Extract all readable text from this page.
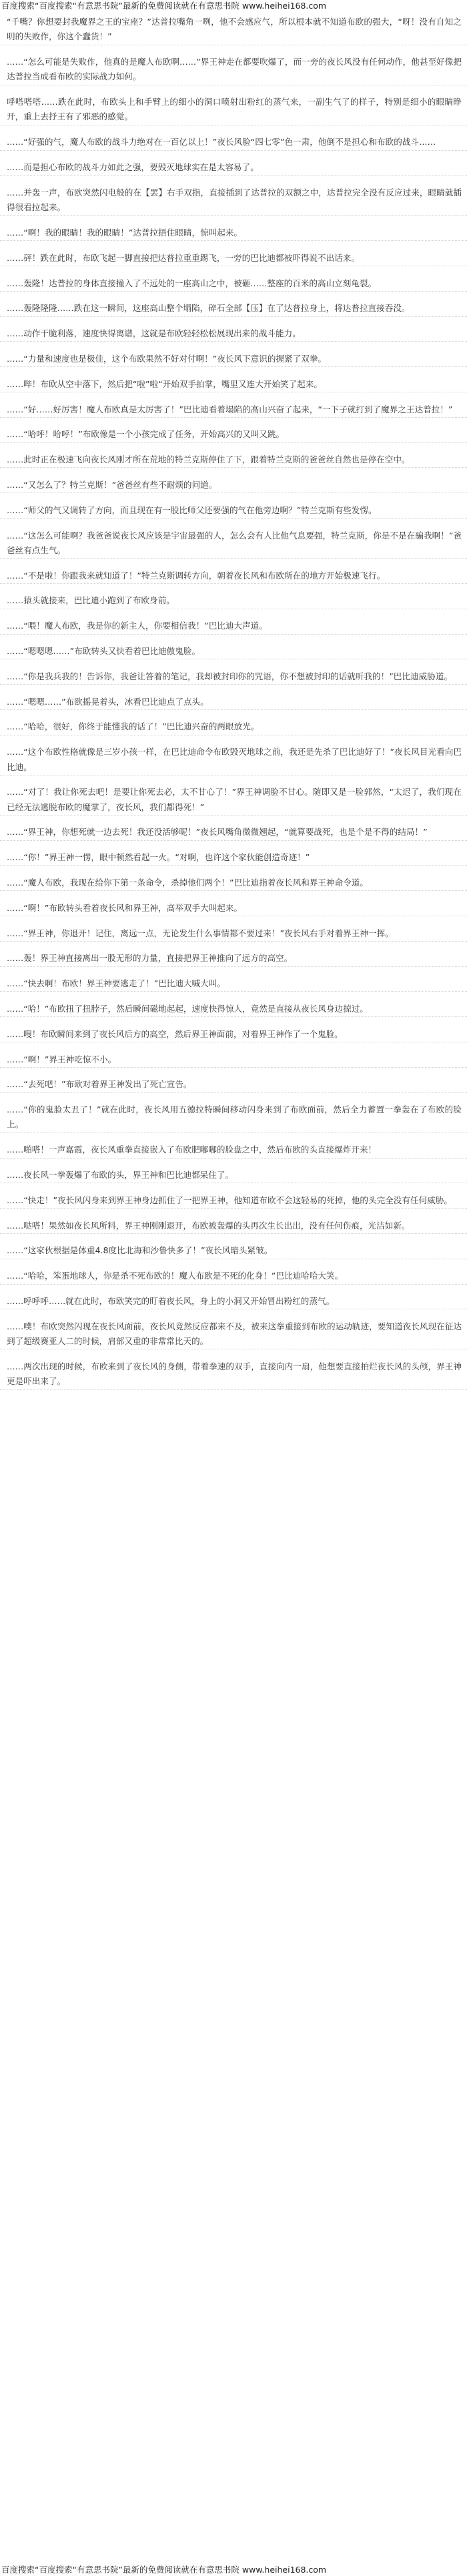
百度搜索“百度搜索“有意思书院”最新的免费阅读就在有意思书院 www.heihei168.com
“千嘴？你想要封我魔界之王的宝座？”达普拉嘴角一咧，他不会感应气，所以根本就不知道布欧的强大，“呀！没有自知之明的失败作，你这个蠢货！”
……“怎么可能是失败作，他真的是魔人布欧啊……”界王神走在都要吹爆了，而一旁的夜长风没有任何动作，他甚至好像把达普拉当成看布欧的实际战力如何。
呼嗒嗒嗒……跌在此时，布欧头上和手臂上的细小的洞口喷射出粉红的蒸气来，一副生气了的样子，特别是细小的眼睛睁开，重上去抒王有了邪恶的感觉。
……“好强的气，魔人布欧的战斗力绝对在一百亿以上！”夜长风脸“四七零”色一肃，他倒不是担心和布欧的战斗……
……而是担心布欧的战斗力如此之强，要毁灭地球实在是太容易了。
……并轰一声，布欧突然闪电般的在【罢】右手双指，直接插到了达普拉的双额之中，达普拉完全没有反应过来，眼睛就插得很看拉起来。
……“啊！我的眼睛！我的眼睛！”达普拉捂住眼睛，惊叫起来。
……砰！跌在此时，布欧飞起一脚直接把达普拉重重踢飞，一旁的巴比迪都被吓得说不出话来。
……轰隆！达普拉的身体直接撞入了不远处的一座高山之中，被砸……整座的百米的高山立刻龟裂。
……轰隆隆隆……跌在这一瞬间，这座高山整个塌陷，碎石全部【压】在了达普拉身上，将达普拉直接吞没。
……动作干脆利落，速度快得离谱，这就是布欧轻轻松松展现出来的战斗能力。
……“力量和速度也是极佳，这个布欧果然不好对付啊！”夜长风下意识的握紧了双拳。
……哔！布欧从空中落下，然后把“啦”啦“开始双手拍掌，嘴里又连大开始笑了起来。
……“好……好厉害！魔人布欧真是太厉害了！”巴比迪看着塌陷的高山兴奋了起来，“一下子就打到了魔界之王达普拉！”
……“哈呼！哈呼！”布欧像是一个小孩完成了任务，开始高兴的又叫又跳。
……此时正在极速飞向夜长风刚才所在荒地的特兰克斯停住了下，跟着特兰克斯的爸爸丝自然也是停在空中。
……“又怎么了？特兰克斯！”爸爸丝有些不耐烦的问道。
……“师父的气又调转了方向，而且现在有一股比师父还要强的气在他旁边啊？”特兰克斯有些发愣。
……“这怎么可能啊？我爸爸说夜长风应该是宇宙最强的人，怎么会有人比他气息要强，特兰克斯，你是不是在骗我啊！”爸爸丝有点生气。
……“不是啦！你跟我来就知道了！”特兰克斯调转方向，朝着夜长风和布欧所在的地方开始极速飞行。
……猿头就接来，巴比迪小跑到了布欧身前。
……“喂！魔人布欧，我是你的新主人，你要相信我！”巴比迪大声道。
……“嗯嗯嗯……”布欧转头又快看着巴比迪傲鬼脸。
……“你是我兵我的！告诉你，我爸让答着的笔记，我却被封印你的咒语，你不想被封印的话就听我的！”巴比迪威胁道。
……“嗯嗯……”布欧摇晃着头，冰看巴比迪点了点头。
……“哈哈，很好，你终于能懂我的话了！”巴比迪兴奋的两眼放光。
……“这个布欧性格就像是三岁小孩一样，在巴比迪命令布欧毁灭地球之前，我还是先杀了巴比迪好了！”夜长风目光看向巴比迪。
……“对了！我让你死去吧！是要让你死去必，太不甘心了！”界王神调脸不甘心。随即又是一脸郭然，“太迟了，我们现在已经无法逃脱布欧的魔掌了，夜长风，我们都得死！”
……“界王神，你想死就一边去死！我还没活够呢！”夜长风嘴角微微翘起，“就算要战死，也是个是不得的结局！”
……“你！”界王神一愣，眼中顿然看起一火。“对啊，也许这个家伙能创造奇迹！”
……“魔人布欧，我现在给你下第一条命令，杀掉他们两个！”巴比迪指着夜长风和界王神命令道。
……“啊！”布欧转头看着夜长风和界王神，高举双手大叫起来。
……“界王神，你退开！记住，离远一点，无论发生什么事情都不要过来！”夜长风右手对着界王神一挥。
……轰！界王神直接离出一股无形的力量，直接把界王神推向了远方的高空。
……“快去啊！布欧！界王神要逃走了！”巴比迪大喊大叫。
……“哈！”布欧扭了扭脖子，然后瞬间磁地起起，速度快得惊人，竟然是直接从夜长风身边掠过。
……嗖！布欧瞬间来到了夜长风后方的高空，然后界王神面前，对着界王神作了一个鬼脸。
……“啊！”界王神吃惊不小。
……“去死吧！”布欧对着界王神发出了死亡宣告。
……“你的鬼脸太丑了！”就在此时，夜长风用五德拉特瞬间移动闪身来到了布欧面前，然后全力蓄置一拳轰在了布欧的脸上。
……啪嗒！一声嘉霞，夜长风重拳直接嵌入了布欧肥嘟嘟的脸盘之中，然后布欧的头直接爆炸开来！
……夜长风一拳轰爆了布欧的头，界王神和巴比迪都呆住了。
……“快走！”夜长风闪身来到界王神身边抓住了一把界王神，他知道布欧不会这轻易的死掉，他的头完全没有任何威胁。
……哒嗒！果然如夜长风所料，界王神刚刚退开，布欧被轰爆的头再次生长出出，没有任何伤痕，光洁如新。
……“这家伙根据是体重4.8度比北海和沙鲁快多了！”夜长风暗头紧皱。
……“哈哈，笨蛋地球人，你是杀不死布欧的！魔人布欧是不死的化身！”巴比迪哈哈大笑。
……呼呼呼……就在此时，布欧笑完的盯着夜长风，身上的小洞又开始冒出粉红的蒸气。
……噗！布欧突然闪现在夜长风面前，夜长风竟然反应都来不及，被来这拳重接到布欧的运动轨迹，要知道夜长风现在征达到了超级赛亚人二的时候，肩部又重的非常常比天的。
……两次出现的时候，布欧来到了夜长风的身侧，带着拳速的双手，直接向内一扇，他想要直接拍烂夜长风的头颅，界王神更是吓出来了。
百度搜索“百度搜索“有意思书院”最新的免费阅读就在有意思书院 www.heihei168.com
